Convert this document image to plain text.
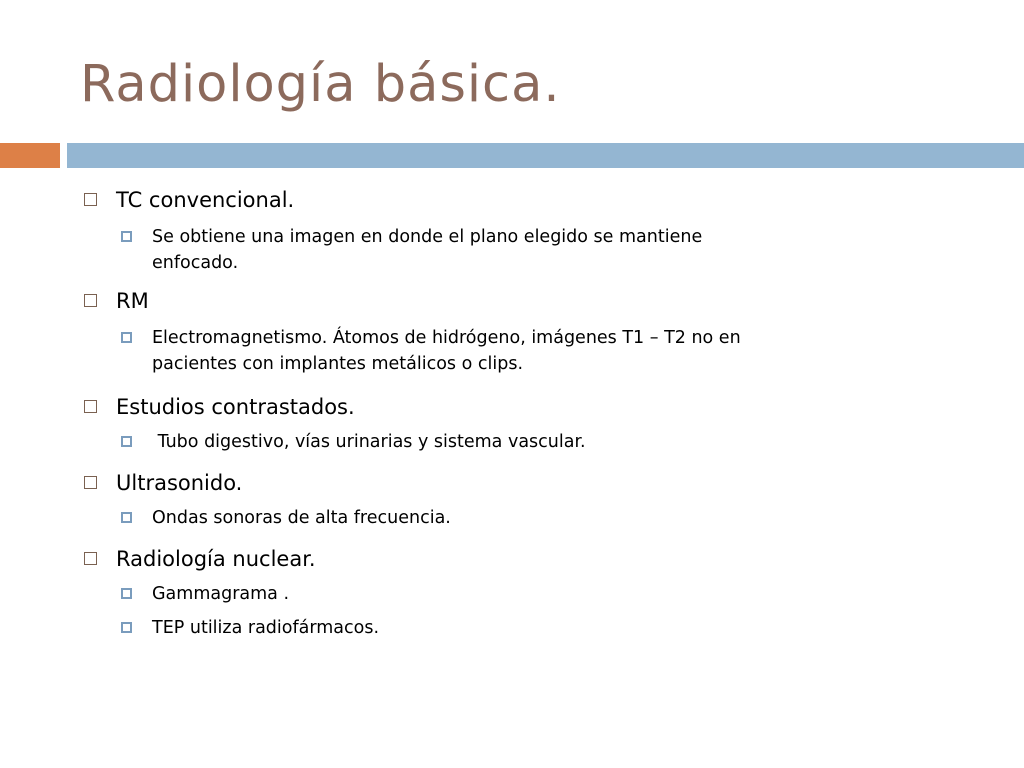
Radiología básica.

TC convencional.

Se obtiene una imagen en donde el plano elegido se mantiene

enfocado.

RM

Electromagnetismo. Átomos de hidrógeno, imágenes T1 – T2 no en

pacientes con implantes metálicos o clips.

Estudios contrastados.

Tubo digestivo, vías urinarias y sistema vascular.

Ultrasonido.

Ondas sonoras de alta frecuencia.

Radiología nuclear.

Gammagrama .

TEP utiliza radiofármacos.
